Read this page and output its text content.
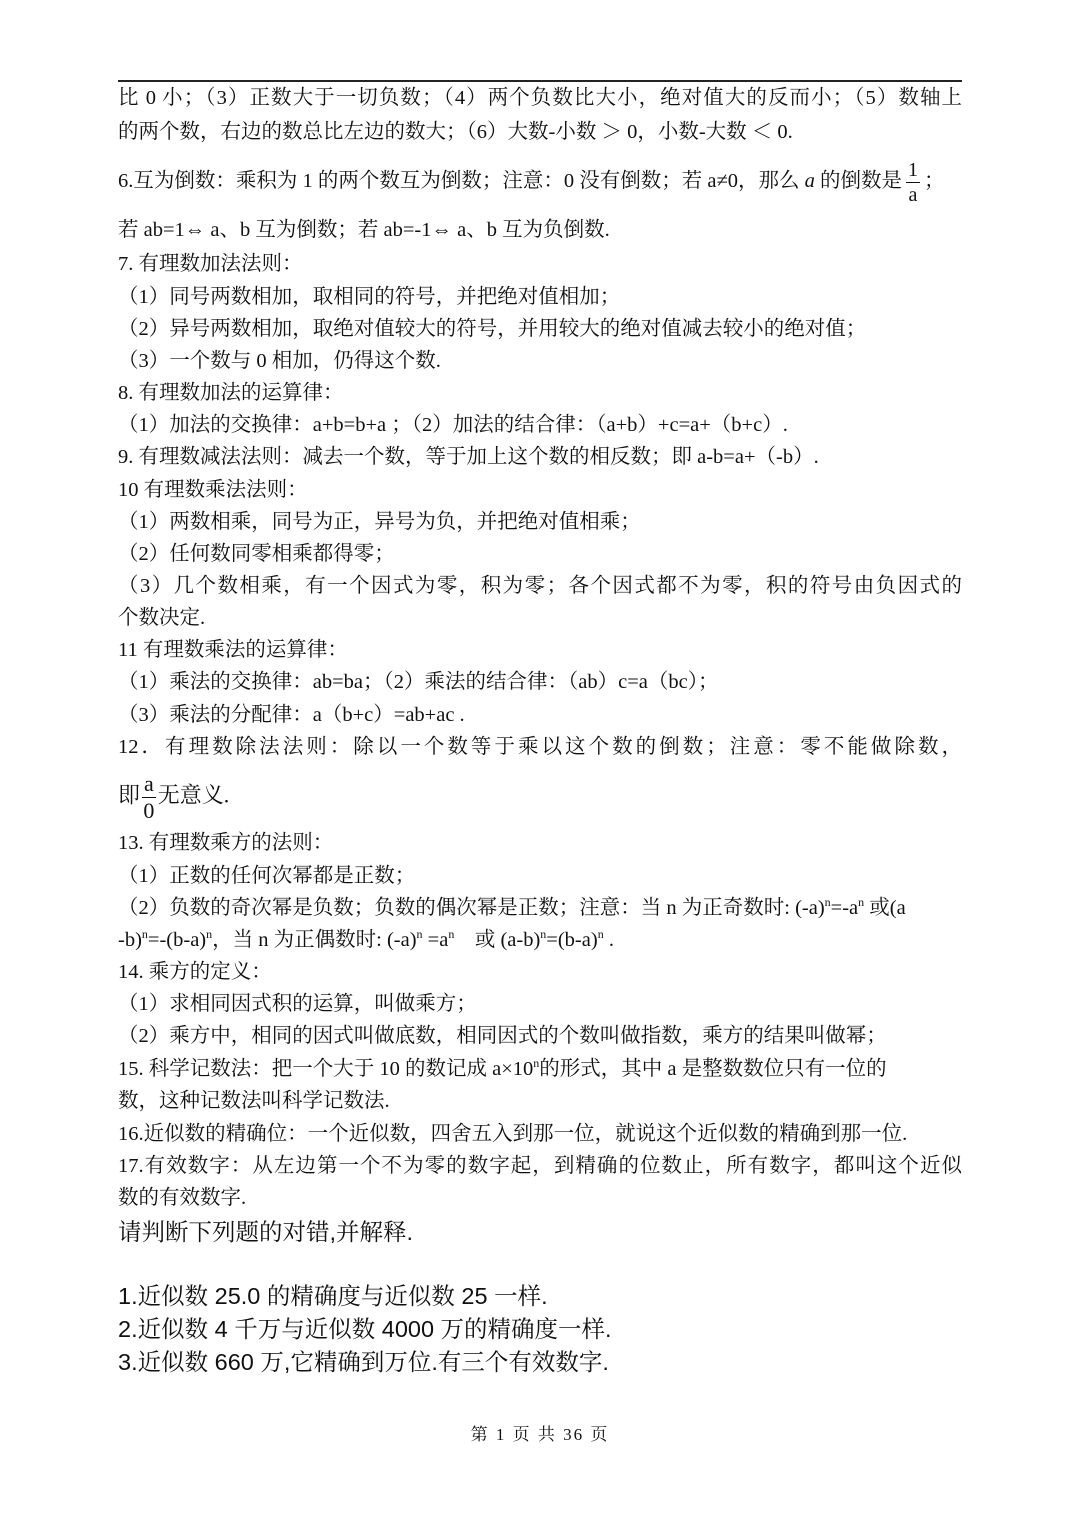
比 0 小；（3）正数大于一切负数；（4）两个负数比大小，绝对值大的反而小；（5）数轴上
的两个数，右边的数总比左边的数大；（6）大数-小数 ＞ 0，小数-大数 ＜ 0.
6.互为倒数：乘积为 1 的两个数互为倒数；注意：0 没有倒数；若 a≠0，那么 a 的倒数是 $\frac{1}{a}$ ；
若 ab=1⇔ a、b 互为倒数；若 ab=-1⇔ a、b 互为负倒数.
7. 有理数加法法则：
（1）同号两数相加，取相同的符号，并把绝对值相加；
（2）异号两数相加，取绝对值较大的符号，并用较大的绝对值减去较小的绝对值；
（3）一个数与 0 相加，仍得这个数.
8. 有理数加法的运算律：
（1）加法的交换律：a+b=b+a ；（2）加法的结合律：（a+b）+c=a+（b+c）.
9. 有理数减法法则：减去一个数，等于加上这个数的相反数；即 a-b=a+（-b）.
10 有理数乘法法则：
（1）两数相乘，同号为正，异号为负，并把绝对值相乘；
（2）任何数同零相乘都得零；
（3）几个数相乘，有一个因式为零，积为零；各个因式都不为零，积的符号由负因式的
个数决定.
11 有理数乘法的运算律：
（1）乘法的交换律：ab=ba；（2）乘法的结合律：（ab）c=a（bc）；
（3）乘法的分配律：a（b+c）=ab+ac .
12．有理数除法法则：除以一个数等于乘以这个数的倒数；注意：零不能做除数，
即 $\frac{a}{0}$ 无意义.
13. 有理数乘方的法则：
（1）正数的任何次幂都是正数；
（2）负数的奇次幂是负数；负数的偶次幂是正数；注意：当 n 为正奇数时: $(-a)^n=-a^n$ 或(a
$-b)^n=-(b-a)^n$，当 n 为正偶数时: $(-a)^n =a^n$　或 $(a-b)^n=(b-a)^n$ .
14. 乘方的定义：
（1）求相同因式积的运算，叫做乘方；
（2）乘方中，相同的因式叫做底数，相同因式的个数叫做指数，乘方的结果叫做幂；
15. 科学记数法：把一个大于 10 的数记成 $a\times 10^n$的形式，其中 a 是整数数位只有一位的
数，这种记数法叫科学记数法.
16.近似数的精确位：一个近似数，四舍五入到那一位，就说这个近似数的精确到那一位.
17.有效数字：从左边第一个不为零的数字起，到精确的位数止，所有数字，都叫这个近似
数的有效数字.
请判断下列题的对错,并解释.
1.近似数 25.0 的精确度与近似数 25 一样.
2.近似数 4 千万与近似数 4000 万的精确度一样.
3.近似数 660 万,它精确到万位.有三个有效数字.
第 1 页 共 36 页
